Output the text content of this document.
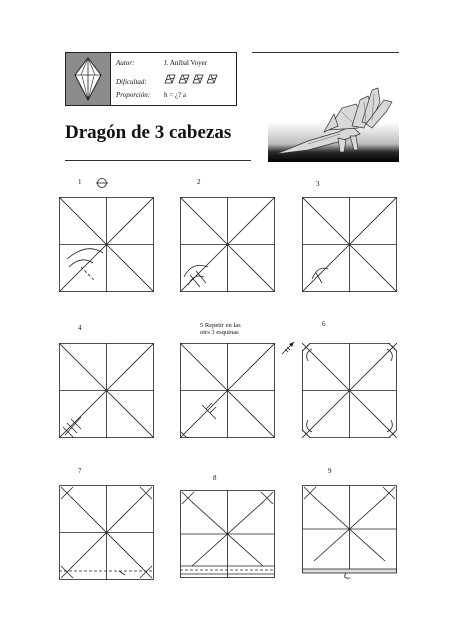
Autor:	J. Aníbal Voyer
Dificultad:
Proporción: h = ¿? a
Dragón de 3 cabezas
1	2	3
4	5 Repetir en las
otrs 3 esquinas
6
7
8
9
